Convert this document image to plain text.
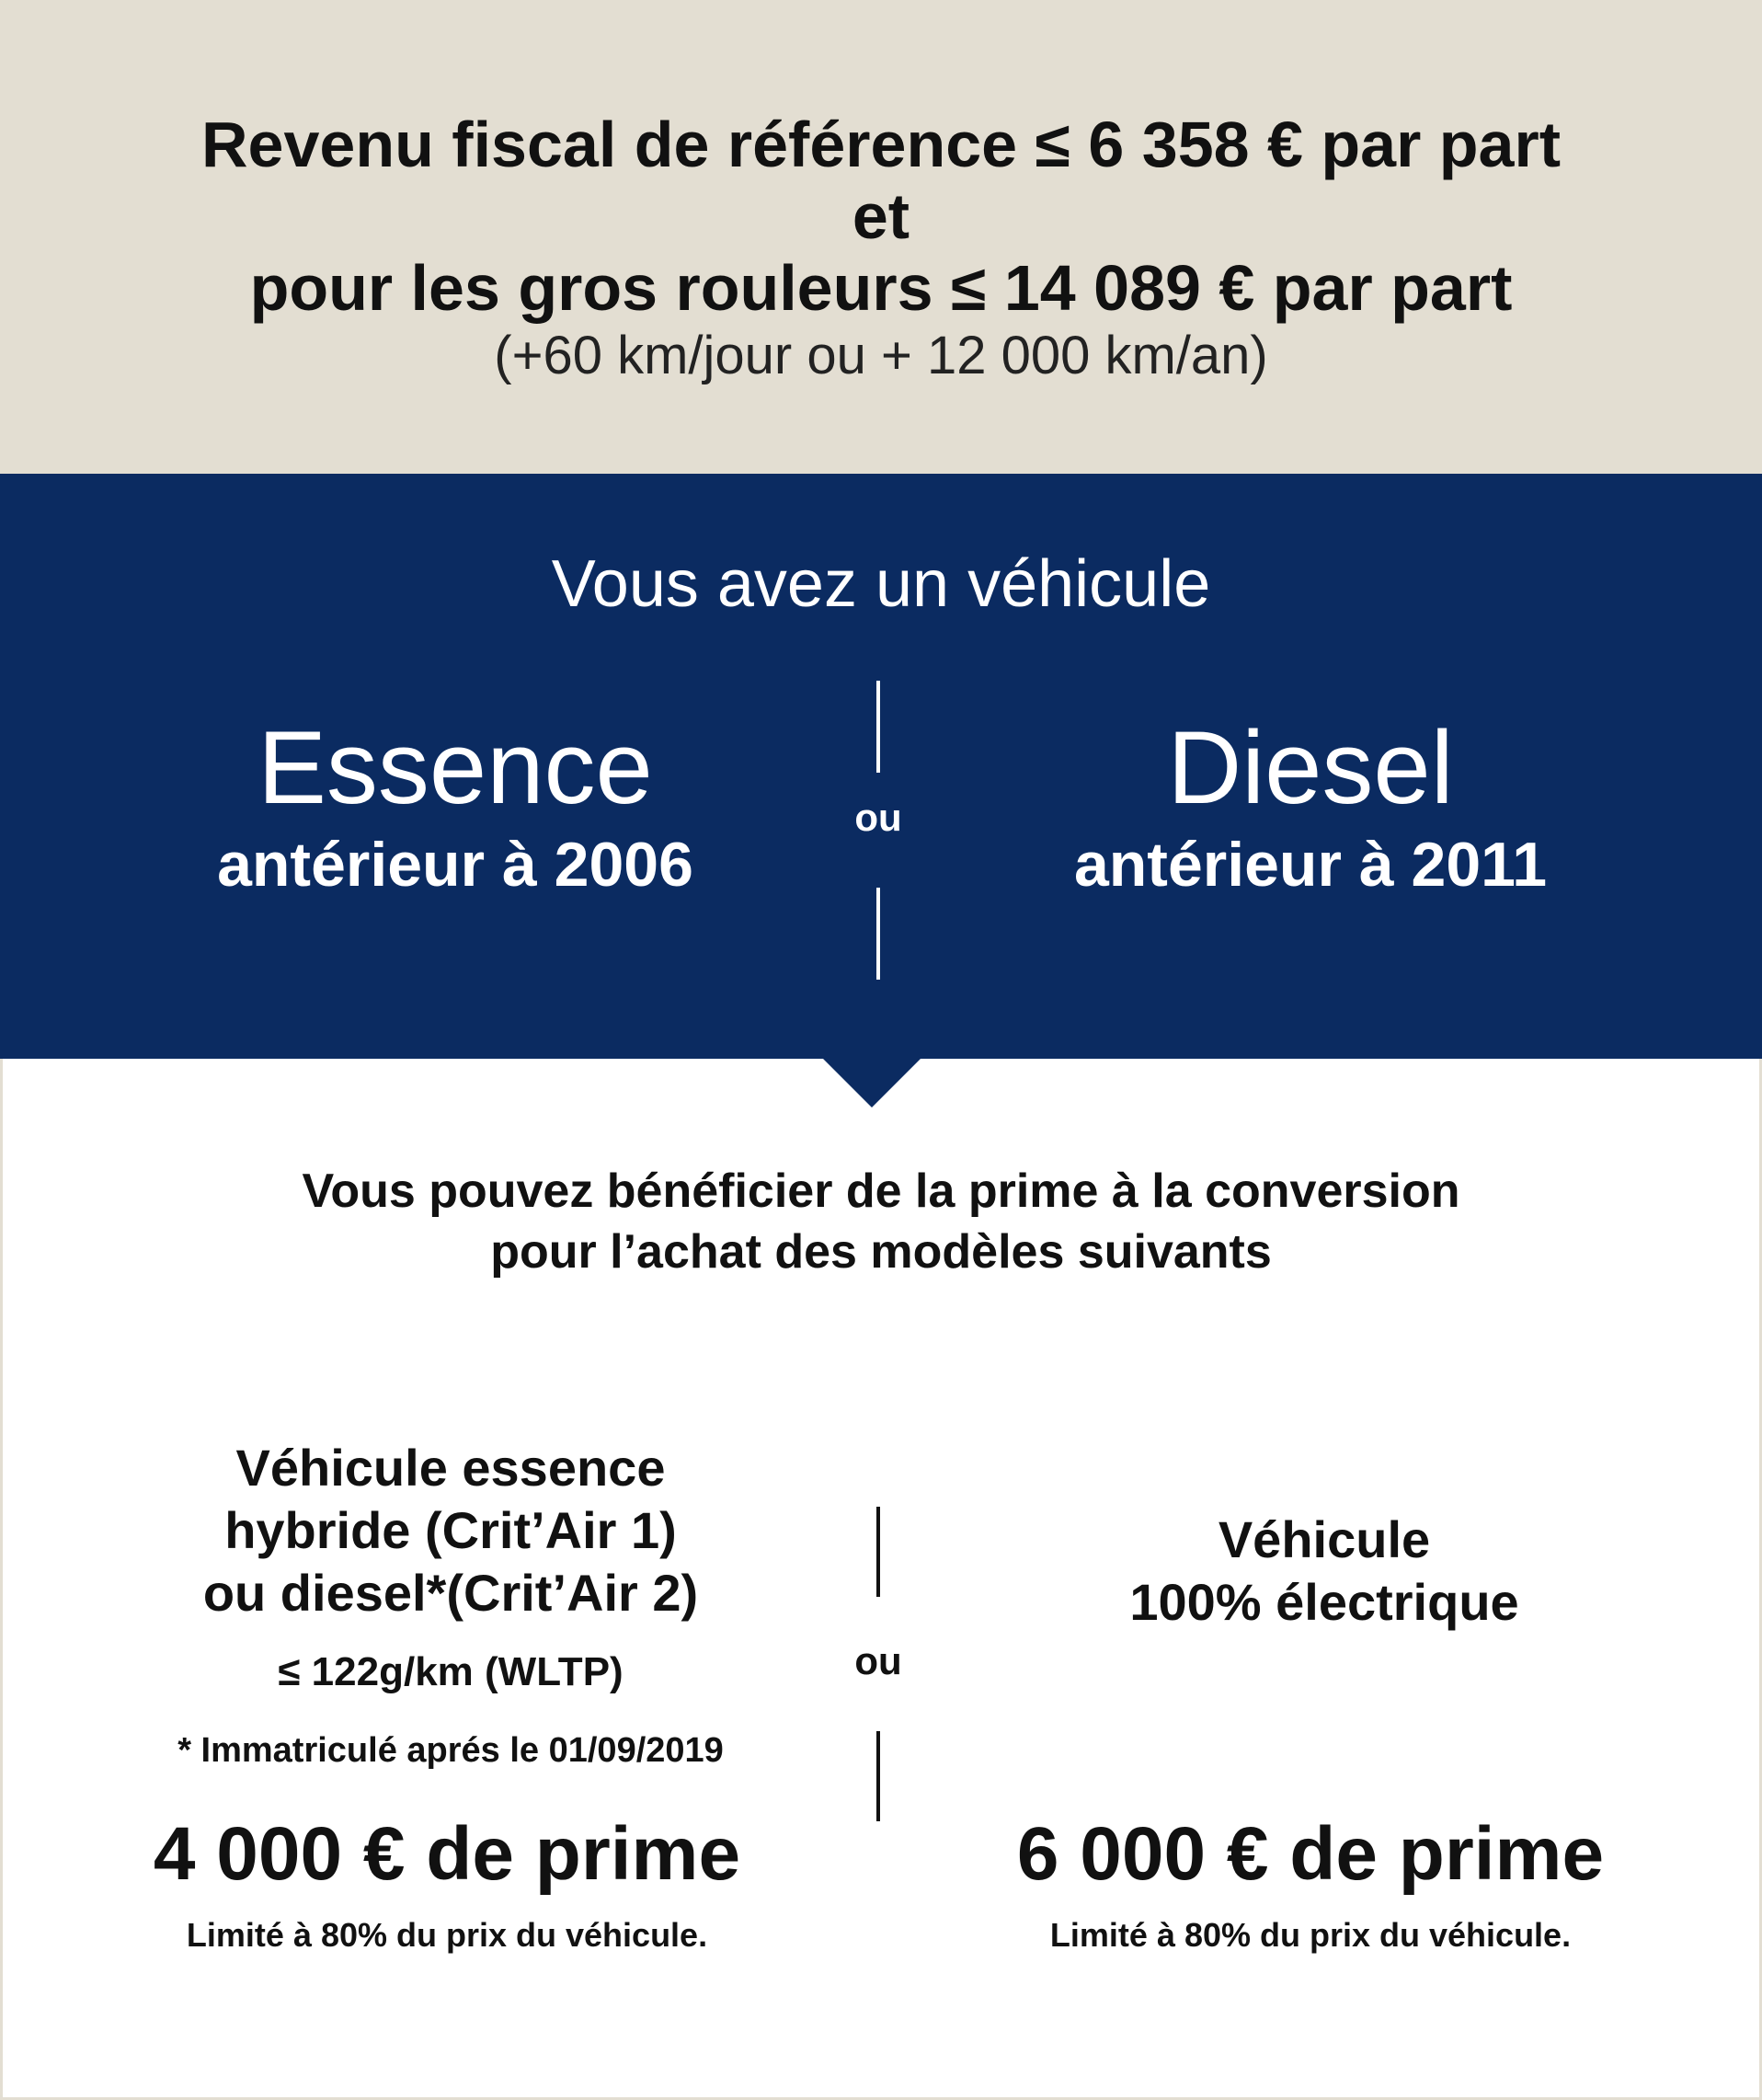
Revenu fiscal de référence ≤ 6 358 € par part
et
pour les gros rouleurs ≤ 14 089 € par part
(+60 km/jour ou + 12 000 km/an)
Vous avez un véhicule
Essence
antérieur à 2006
ou	Diesel
antérieur à 2011
Vous pouvez bénéficier de la prime à la conversion
pour l’achat des modèles suivants
Véhicule essence
hybride (Crit’Air 1)
ou diesel*(Crit’Air 2)
≤ 122g/km (WLTP)
* Immatriculé aprés le 01/09/2019
ou
Véhicule
100% électrique
4 000 € de prime
Limité à 80% du prix du véhicule.
6 000 € de prime
Limité à 80% du prix du véhicule.
